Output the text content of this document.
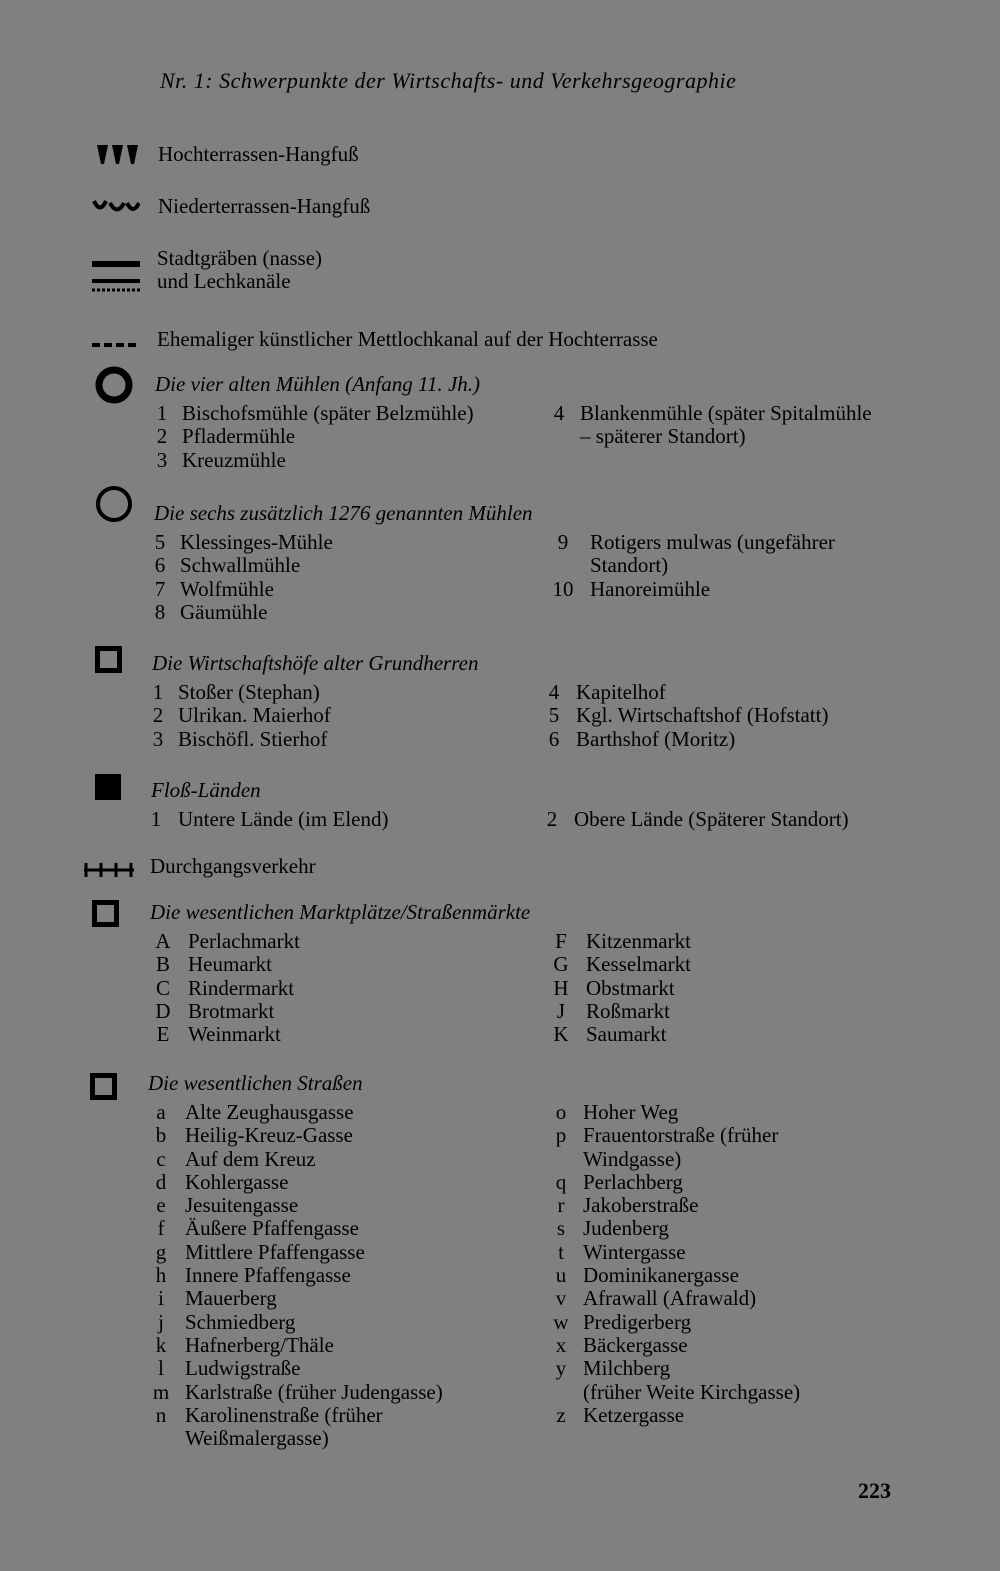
Nr. 1: Schwerpunkte der Wirtschafts- und Verkehrsgeographie
Hochterrassen-Hangfuß
Niederterrassen-Hangfuß
Stadtgräben (nasse)
und Lechkanäle
Ehemaliger künstlicher Mettlochkanal auf der Hochterrasse
Die vier alten Mühlen (Anfang 11. Jh.)
1 Bischofsmühle (später Belzmühle)
2 Pfladermühle
3 Kreuzmühle
4 Blankenmühle (später Spitalmühle
– späterer Standort)
Die sechs zusätzlich 1276 genannten Mühlen
5 Klessinges-Mühle
6 Schwallmühle
7 Wolfmühle
8 Gäumühle
9	Rotigers mulwas (ungefährer
Standort)
10 Hanoreimühle
Die Wirtschaftshöfe alter Grundherren
1 Stoßer (Stephan)
2 Ulrikan. Maierhof
3 Bischöfl. Stierhof
4 Kapitelhof
5 Kgl. Wirtschaftshof (Hofstatt)
6 Barthshof (Moritz)
Floß-Länden
1 Untere Lände (im Elend)	2 Obere Lände (Späterer Standort)
Durchgangsverkehr
Die wesentlichen Marktplätze/Straßenmärkte
A Perlachmarkt
B Heumarkt
C Rindermarkt
D Brotmarkt
E Weinmarkt
F Kitzenmarkt
G Kesselmarkt
H Obstmarkt
J Roßmarkt
K Saumarkt
Die wesentlichen Straßen
a Alte Zeughausgasse
b Heilig-Kreuz-Gasse
c Auf dem Kreuz
d Kohlergasse
e Jesuitengasse
f Äußere Pfaffengasse
g Mittlere Pfaffengasse
h Innere Pfaffengasse
i	Mauerberg
j	Schmiedberg
k Hafnerberg/Thäle
l	Ludwigstraße
m Karlstraße (früher Judengasse)
n Karolinenstraße (früher
Weißmalergasse)
o Hoher Weg
p Frauentorstraße (früher
Windgasse)
q Perlachberg
r Jakoberstraße
s Judenberg
t Wintergasse
u Dominikanergasse
v Afrawall (Afrawald)
w Predigerberg
x Bäckergasse
y Milchberg
(früher Weite Kirchgasse)
z Ketzergasse
223
